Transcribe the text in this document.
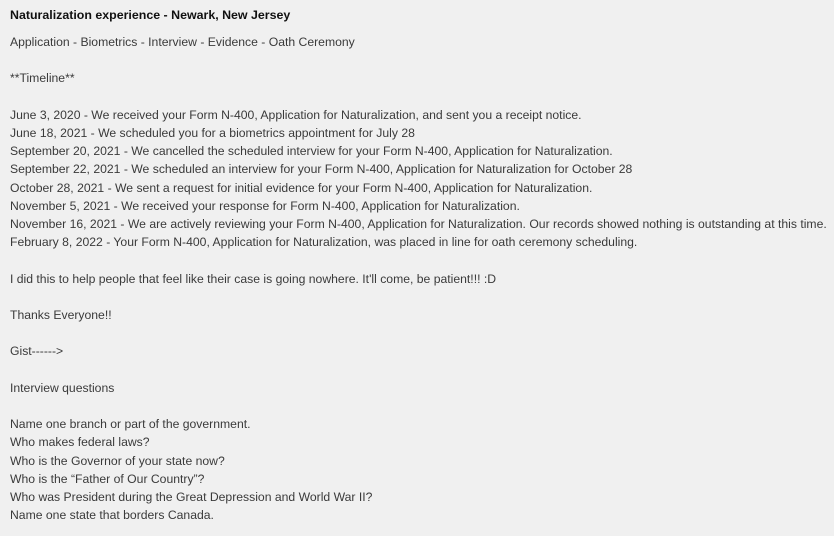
Naturalization experience - Newark, New Jersey
Application - Biometrics - Interview - Evidence - Oath Ceremony
**Timeline**
June 3, 2020 - We received your Form N-400, Application for Naturalization, and sent you a receipt notice.
June 18, 2021 - We scheduled you for a biometrics appointment for July 28
September 20, 2021 - We cancelled the scheduled interview for your Form N-400, Application for Naturalization.
September 22, 2021 - We scheduled an interview for your Form N-400, Application for Naturalization for October 28
October 28, 2021 - We sent a request for initial evidence for your Form N-400, Application for Naturalization.
November 5, 2021 - We received your response for Form N-400, Application for Naturalization.
November 16, 2021 - We are actively reviewing your Form N-400, Application for Naturalization. Our records showed nothing is outstanding at this time.
February 8, 2022 - Your Form N-400, Application for Naturalization, was placed in line for oath ceremony scheduling.
I did this to help people that feel like their case is going nowhere. It'll come, be patient!!! :D
Thanks Everyone!!
Gist------>
Interview questions
Name one branch or part of the government.
Who makes federal laws?
Who is the Governor of your state now?
Who is the “Father of Our Country”?
Who was President during the Great Depression and World War II?
Name one state that borders Canada.
